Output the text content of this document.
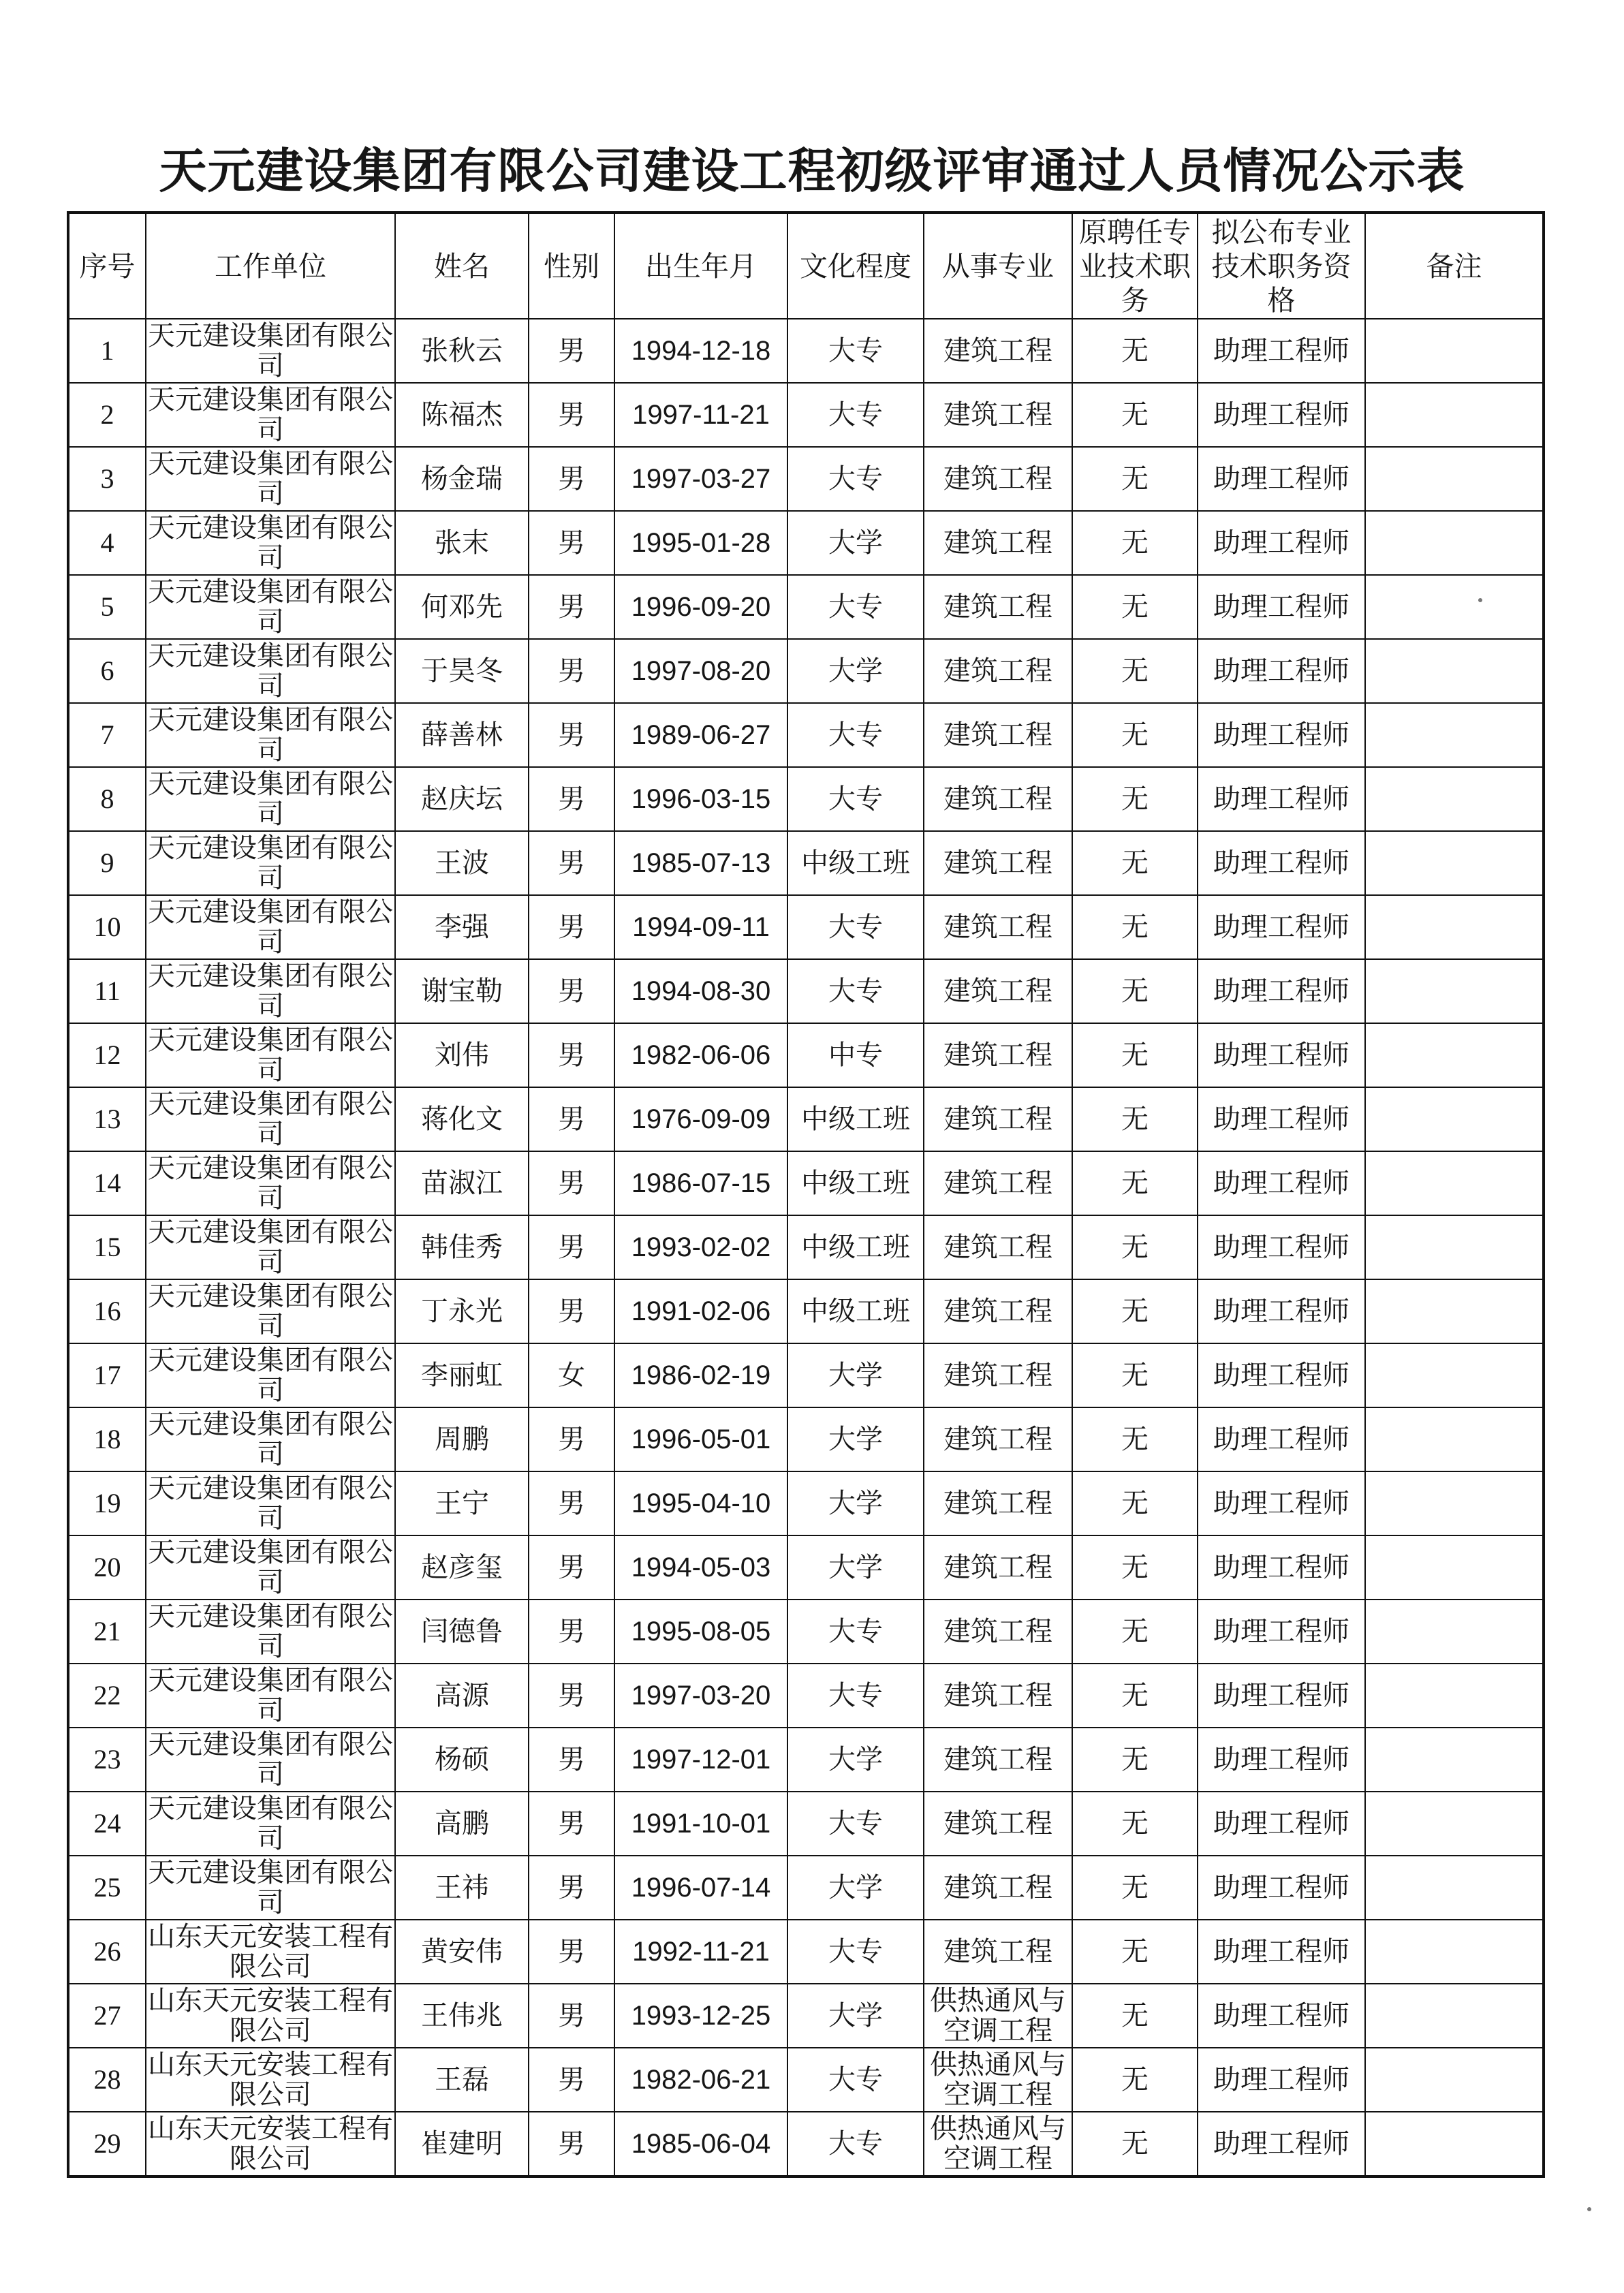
天元建设集团有限公司建设工程初级评审通过人员情况公示表
序号	工作单位	姓名	性别	出生年月	文化程度	从事专业	原聘任专业技术职务	拟公布专业技术职务资格	备注
1	天元建设集团有限公司	张秋云	男	1994-12-18	大专	建筑工程	无	助理工程师	
2	天元建设集团有限公司	陈福杰	男	1997-11-21	大专	建筑工程	无	助理工程师	
3	天元建设集团有限公司	杨金瑞	男	1997-03-27	大专	建筑工程	无	助理工程师	
4	天元建设集团有限公司	张末	男	1995-01-28	大学	建筑工程	无	助理工程师	
5	天元建设集团有限公司	何邓先	男	1996-09-20	大专	建筑工程	无	助理工程师	
6	天元建设集团有限公司	于昊冬	男	1997-08-20	大学	建筑工程	无	助理工程师	
7	天元建设集团有限公司	薛善林	男	1989-06-27	大专	建筑工程	无	助理工程师	
8	天元建设集团有限公司	赵庆坛	男	1996-03-15	大专	建筑工程	无	助理工程师	
9	天元建设集团有限公司	王波	男	1985-07-13	中级工班	建筑工程	无	助理工程师	
10	天元建设集团有限公司	李强	男	1994-09-11	大专	建筑工程	无	助理工程师	
11	天元建设集团有限公司	谢宝勒	男	1994-08-30	大专	建筑工程	无	助理工程师	
12	天元建设集团有限公司	刘伟	男	1982-06-06	中专	建筑工程	无	助理工程师	
13	天元建设集团有限公司	蒋化文	男	1976-09-09	中级工班	建筑工程	无	助理工程师	
14	天元建设集团有限公司	苗淑江	男	1986-07-15	中级工班	建筑工程	无	助理工程师	
15	天元建设集团有限公司	韩佳秀	男	1993-02-02	中级工班	建筑工程	无	助理工程师	
16	天元建设集团有限公司	丁永光	男	1991-02-06	中级工班	建筑工程	无	助理工程师	
17	天元建设集团有限公司	李丽虹	女	1986-02-19	大学	建筑工程	无	助理工程师	
18	天元建设集团有限公司	周鹏	男	1996-05-01	大学	建筑工程	无	助理工程师	
19	天元建设集团有限公司	王宁	男	1995-04-10	大学	建筑工程	无	助理工程师	
20	天元建设集团有限公司	赵彦玺	男	1994-05-03	大学	建筑工程	无	助理工程师	
21	天元建设集团有限公司	闫德鲁	男	1995-08-05	大专	建筑工程	无	助理工程师	
22	天元建设集团有限公司	高源	男	1997-03-20	大专	建筑工程	无	助理工程师	
23	天元建设集团有限公司	杨硕	男	1997-12-01	大学	建筑工程	无	助理工程师	
24	天元建设集团有限公司	高鹏	男	1991-10-01	大专	建筑工程	无	助理工程师	
25	天元建设集团有限公司	王祎	男	1996-07-14	大学	建筑工程	无	助理工程师	
26	山东天元安装工程有限公司	黄安伟	男	1992-11-21	大专	建筑工程	无	助理工程师	
27	山东天元安装工程有限公司	王伟兆	男	1993-12-25	大学	供热通风与空调工程	无	助理工程师	
28	山东天元安装工程有限公司	王磊	男	1982-06-21	大专	供热通风与空调工程	无	助理工程师	
29	山东天元安装工程有限公司	崔建明	男	1985-06-04	大专	供热通风与空调工程	无	助理工程师	
